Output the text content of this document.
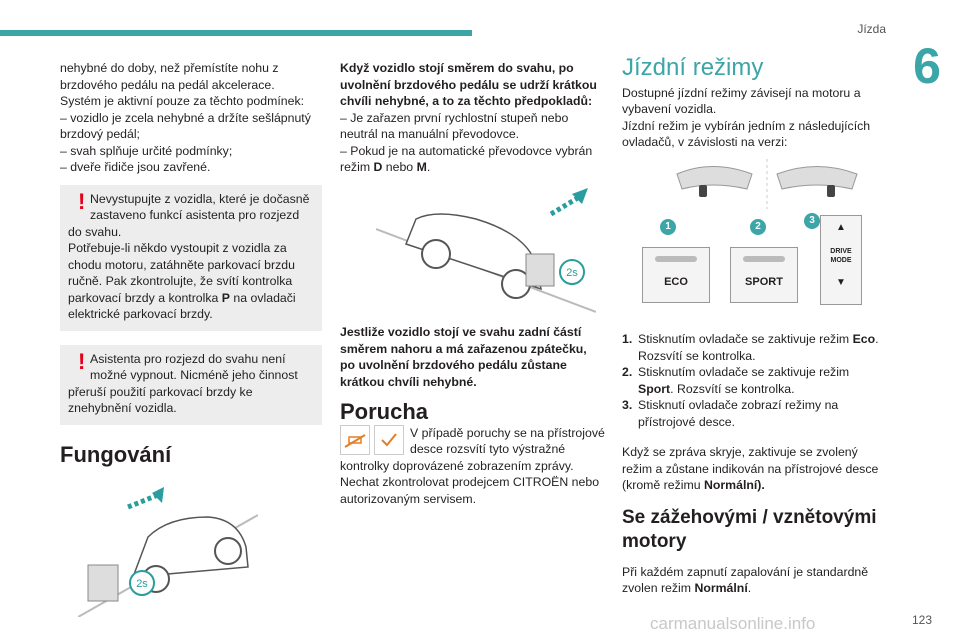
Jízda
6

nehybné do doby, než přemístíte nohu z brzdového pedálu na pedál akcelerace.

Systém je aktivní pouze za těchto podmínek:

– vozidlo je zcela nehybné a držíte sešlápnutý brzdový pedál;

– svah splňuje určité podmínky;

– dveře řidiče jsou zavřené.

! Nevystupujte z vozidla, které je dočasně zastaveno funkcí asistenta pro rozjezd

do svahu.

Potřebuje-li někdo vystoupit z vozidla za chodu motoru, zatáhněte parkovací brzdu ručně. Pak zkontrolujte, že svítí kontrolka parkovací brzdy a kontrolka P na ovladači elektrické parkovací brzdy.

! Asistenta pro rozjezd do svahu není možné vypnout. Nicméně jeho činnost

přeruší použití parkovací brzdy ke znehybnění vozidla.

Fungování
2s

Když vozidlo stojí směrem do svahu, po uvolnění brzdového pedálu se udrží krátkou chvíli nehybné, a to za těchto předpokladů:

– Je zařazen první rychlostní stupeň nebo neutrál na manuální převodovce.

– Pokud je na automatické převodovce vybrán režim D nebo M.

2s

Jestliže vozidlo stojí ve svahu zadní částí směrem nahoru a má zařazenou zpátečku, po uvolnění brzdového pedálu zůstane krátkou chvíli nehybné.

Porucha

V případě poruchy se na přístrojové desce rozsvítí tyto výstražné kontrolky doprovázené zobrazením zprávy.

Nechat zkontrolovat prodejcem CITROËN nebo autorizovaným servisem.

Jízdní režimy

Dostupné jízdní režimy závisejí na motoru a vybavení vozidla.

Jízdní režim je vybírán jedním z následujících ovladačů, v závislosti na verzi:

1
ECO
2
SPORT
3
▲
DRIVE
MODE
▼
1. Stisknutím ovladače se zaktivuje režim Eco. Rozsvítí se kontrolka.
2. Stisknutím ovladače se zaktivuje režim Sport. Rozsvítí se kontrolka.
3. Stisknutí ovladače zobrazí režimy na přístrojové desce.

Když se zpráva skryje, zaktivuje se zvolený režim a zůstane indikován na přístrojové desce (kromě režimu Normální).

Se zážehovými / vznětovými motory

Při každém zapnutí zapalování je standardně zvolen režim Normální.

carmanualsonline.info	123
